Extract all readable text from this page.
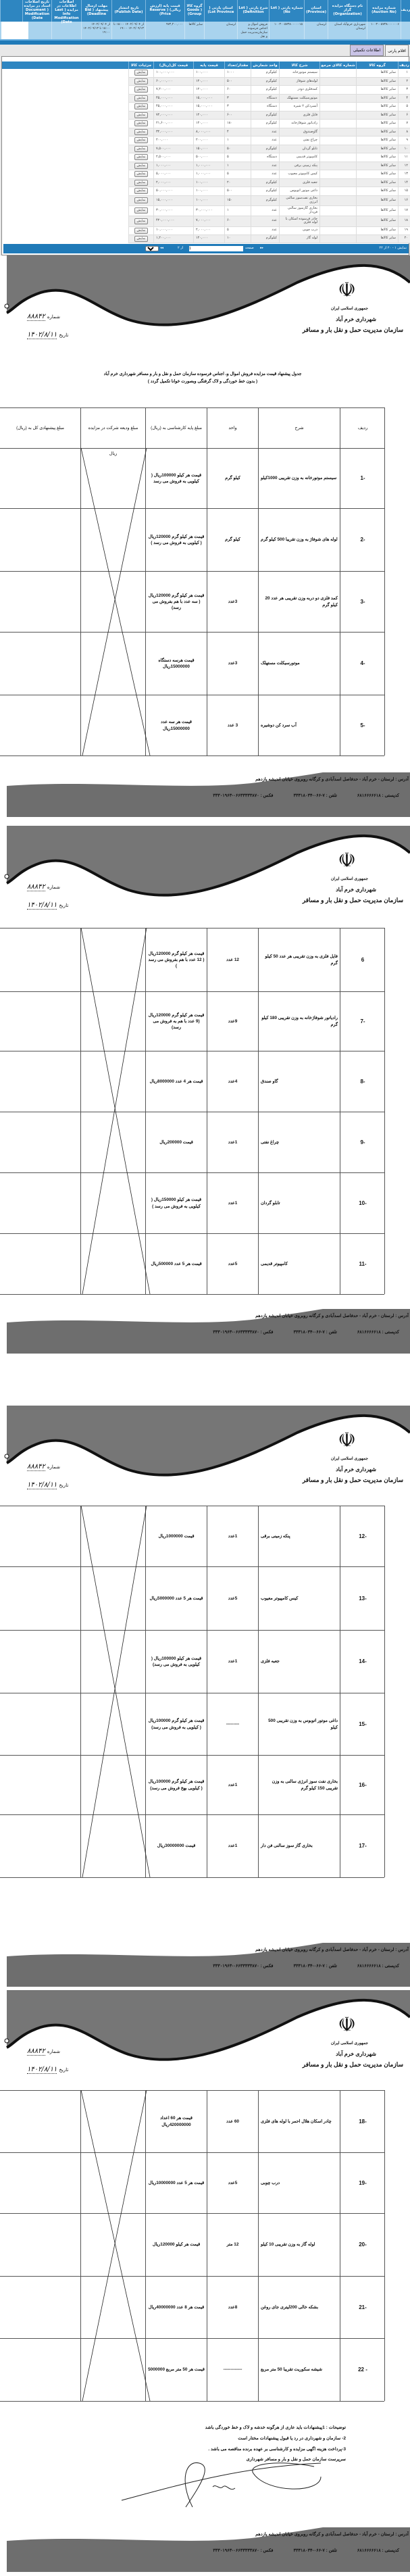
ردیف
شماره مزایده (Auction No)
۱۰۰۳۰۰۵۷۳۸۰۰۰۰۰۰۶
نام دستگاه مزایده گزار (Organization)
شهرداری خرم‌آباد استان لرستان
استان (Province)
لرستان
شماره پارتی ( Lot No)
۱۰۰۳۰۰۵۷۳۸۰۰۰۰۰۱۵
شرح پارتی ( Lot Definition)
فروش اموال و اجناس فرسوده سازمان‌مدیریت حمل و نقل
استان پارتی ( Lot Province)
لرستان
گروه کالا ( Goods Group)
سایر کالاها
قیمت پایه (ارزش ریالی) ( Reserve Price)
۹۷۳,۲۰۰,۰۰۰
تاریخ انتشار (Publish Date)
از ۱۴۰۲/۰۹/۰۴ ۱۵:۰۰ تا ۱۴۰۲/۰۹/۱۳ ۱۹:۰۰
مهلت ارسال پیشنهاد ( Bid Deadline)
از ۱۴۰۲/۰۹/۰۴ ۱۵:۰۰ تا ۱۴۰۲/۰۹/۱۳ ۱۹:۰۰
اصلاحات اطلاعات در مزایده ( Last Info Modification Date)
تاریخ اصلاحات اسناد در مزایده ( Document Modification Date)
اقلام پارتی
اطلاعات تکمیلی
ردیف
گروه کالا
شماره کالای مرجع
شرح کالا
واحد شمارش
مقدار/تعداد
قیمت پایه
قیمت کل(ریال)
جزئیات کالا
۱
سایر کالاها
سیستم موتورخانه
کیلوگرم
۱۰۰۰
۱۰۰,۰۰۰
۱۰۰,۰۰۰,۰۰۰
نمایش
۲
سایر کالاها
لوله‌های شوفاژ
کیلوگرم
۵۰۰
۱۲۰,۰۰۰
۶۰,۰۰۰,۰۰۰
نمایش
۳
سایر کالاها
کمدفلزی دودر
کیلوگرم
۶۰
۱۲۰,۰۰۰
۷,۲۰۰,۰۰۰
نمایش
۴
سایر کالاها
موتورسیکلت مستهلک
دستگاه
۳
۱۵,۰۰۰,۰۰۰
۴۵,۰۰۰,۰۰۰
نمایش
۵
سایر کالاها
آبسردکن ۲ شیره
دستگاه
۳
۱۵,۰۰۰,۰۰۰
۴۵,۰۰۰,۰۰۰
نمایش
۶
سایر کالاها
فایل فلزی
کیلوگرم
۶۰۰
۱۲۰,۰۰۰
۷۲,۰۰۰,۰۰۰
نمایش
۷
سایر کالاها
رادیاتور شوفاژخانه
کیلوگرم
۱۸۰
۱۲۰,۰۰۰
۲۱,۶۰۰,۰۰۰
نمایش
۸
سایر کالاها
گاوصندوق
عدد
۴
۸,۰۰۰,۰۰۰
۳۲,۰۰۰,۰۰۰
نمایش
۹
سایر کالاها
چراغ نفتی
عدد
۱
۲۰۰,۰۰۰
۲۰۰,۰۰۰
نمایش
۱۰
سایر کالاها
تابلو گردان
کیلوگرم
۵۰
۱۵۰,۰۰۰
۷,۵۰۰,۰۰۰
نمایش
۱۱
سایر کالاها
کامپیوتر قدیمی
دستگاه
۵
۵۰۰,۰۰۰
۲,۵۰۰,۰۰۰
نمایش
۱۲
سایر کالاها
پنکه زمینی برقی
عدد
۱
۱,۰۰۰,۰۰۰
۱,۰۰۰,۰۰۰
نمایش
۱۳
سایر کالاها
کیس کامپیوتر معیوب
عدد
۵
۱,۰۰۰,۰۰۰
۵,۰۰۰,۰۰۰
نمایش
۱۴
سایر کالاها
جعبه فلزی
کیلوگرم
۲۰
۱۰۰,۰۰۰
۲,۰۰۰,۰۰۰
نمایش
۱۵
سایر کالاها
داغی موتور اتوبوس
کیلوگرم
۵۰۰
۱۰۰,۰۰۰
۵۰,۰۰۰,۰۰۰
نمایش
۱۶
سایر کالاها
بخاری نفت‌سوز سالنی انرژی
کیلوگرم
۱۵۰
۱۰۰,۰۰۰
۱۵,۰۰۰,۰۰۰
نمایش
۱۷
سایر کالاها
بخاری گازسوز سالنی فن‌دار
عدد
۱
۳۰,۰۰۰,۰۰۰
۳۰,۰۰۰,۰۰۰
نمایش
۱۸
سایر کالاها
چادر فرسوده اسکان با لوله فلزی
عدد
۶۰
۷,۰۰۰,۰۰۰
۴۲۰,۰۰۰,۰۰۰
نمایش
۱۹
سایر کالاها
درب چوبی
عدد
۵
۲,۰۰۰,۰۰۰
۱۰,۰۰۰,۰۰۰
نمایش
۲۰
سایر کالاها
لوله گاز
کیلوگرم
۱۰
۱۲۰,۰۰۰
۱,۲۰۰,۰۰۰
نمایش
نمایش ۱ - ۲۰ از ۲۲
صفحه
1
از ۲
◂◂
20	▸▸
☫
جمهوری اسلامی ایران
شهرداری خرم آباد
سازمان مدیریت حمل و نقل بار و مسافر
شماره
۸۸۸۴۲
تاریخ
۱۴۰۲/۸/۱۱
جدول پیشنهاد قیمت مزایده فروش اموال و، اجناس فرسوده سازمان حمل و نقل و بار و مسافر شهرداری خرم آباد
( بدون خط خوردگی و لاک گرفتگی وبصورت خوانا تکمیل گردد )
ردیف
شرح
واحد
مبلغ پایه کارشناسی به (ریال)
مبلغ ودیعه شرکت در مزایده
مبلغ پیشنهادی کل به (ریال)
-1
سیستم موتورخانه به وزن تقریبی 1000کیلو
کیلو گرم
قیمت هر کیلو 100000ریال ( کیلویی به فروش می رسد
ریال
-2
لوله های شوفاژ به وزن تقریبا 500 کیلو گرم
کیلو گرم
قیمت هر کیلو گرم 120000ریال ( کیلویی به فروش می رسد )
-3
کمد فلزی دو دربه وزن تقریبی هر عدد 20 کیلو گرم
3عدد
قیمت هر کیلو گرم 120000ریال ( سه عدد با هم بفروش می رسد)
-4
موتورسیکلت مستهلک
3عدد
قیمت هرسه دستگاه 15000000ریال
-5
آب سرد کن دوشیره
3 عدد
قیمت هر سه عدد 15000000ریال
آدرس : لرستان - خرم آباد - حدفاصل اسدآبادی و کرگانه روبروی خیابان اندیشه یازدهم
کدپستی : ۶۸۱۶۶۶۶۶۱۸
تلفن : ۷-۰۶۶-۳۳۳۱۸۰۳۴
فکس : ۰۶۶۳۳۳۳۳۸۷۰-۳۳۳۰۱۹۶۳
☫
جمهوری اسلامی ایران
شهرداری خرم آباد
سازمان مدیریت حمل و نقل بار و مسافر
شماره
۸۸۸۴۲
تاریخ
۱۴۰۲/۸/۱۱
6
فایل فلزی به وزن تقریبی هر عدد 50 کیلو گرم
12 عدد
قیمت هر کیلو گرم 120000ریال ( 12 عدد با هم بفروش می رسد )
-7
رادیاتور شوفاژخانه به وزن تقریبی 180 کیلو گرم
9عدد
قیمت هر کیلو گرم 120000ریال (9 عدد با هم به فروش می رسد)
-8
گاو صندق
4عدد
قیمت هر 4 عدد 8000000ریال
-9
چراغ نفتی
1عدد
قیمت 200000ریال
-10
تابلو گردان
1عدد
قیمت هر کیلو 150000ریال ( کیلویی به فروش می رسد )
-11
کامپیوتر قدیمی
5عدد
قیمت هر 5 عدد 500000ریال
آدرس : لرستان - خرم آباد - حدفاصل اسدآبادی و کرگانه روبروی خیابان اندیشه یازدهم
کدپستی : ۶۸۱۶۶۶۶۶۱۸
تلفن : ۷-۰۶۶-۳۳۳۱۸۰۳۴
فکس : ۰۶۶۳۳۳۳۳۸۷۰-۳۳۳۰۱۹۶۳
☫
جمهوری اسلامی ایران
شهرداری خرم آباد
سازمان مدیریت حمل و نقل بار و مسافر
شماره
۸۸۸۴۲
تاریخ
۱۴۰۲/۸/۱۱
-12
پنکه زمینی برقی
1عدد
قیمت 1000000ریال
-13
کیس کامپیوتر معیوب
5عدد
قیمت هر 5 عدد 5000000ریال
-14
جعبه فلزی
1عدد
قیمت هر کیلو 100000ریال ( کیلویی به فروش می رسد)
-15
داغی موتور اتوبوس به وزن تقریبی 500 کیلو
---------
قیمت هر کیلو گرم 100000ریال ( کیلویی به فروش می رسد)
-16
بخاری نفت سوز انرژی سالنی به وزن تقریبی 150 کیلو گرم
1عدد
قیمت هر کیلو گرم 100000ریال ( کیلویی بهخ فروش می رسد)
-17
بخاری گاز سوز سالنی فن دار
1عدد
قیمت 30000000ریال
آدرس : لرستان - خرم آباد - حدفاصل اسدآبادی و کرگانه روبروی خیابان اندیشه یازدهم
کدپستی : ۶۸۱۶۶۶۶۶۱۸
تلفن : ۷-۰۶۶-۳۳۳۱۸۰۳۴
فکس : ۰۶۶۳۳۳۳۳۸۷۰-۳۳۳۰۱۹۶۳
☫
جمهوری اسلامی ایران
شهرداری خرم آباد
سازمان مدیریت حمل و نقل بار و مسافر
شماره
۸۸۸۴۲
تاریخ
۱۴۰۲/۸/۱۱
-18
چادر اسکان هلال احمر با لوله های فلزی
60 عدد
قیمت هر 60 اعداد 420000000ریال
-19
درب چوبی
5عدد
قیمت هر 5 عدد 10000000ریال
-20
لوله گاز به وزن تقریبی 10 کیلو
12 متر
قیمت هر کیلو 120000ریال
-21
بشکه خالی 200لیتری جای روغن
8عدد
قیمت هر 8 عدد 40000000ریال
- 22
شیشه سکوریت تقریبا 50 متر مربع
-------------
قیمت هر 50 متر مربع 5000000
توضیحات : 1پیشنهادات باید عاری از هرگونه خدشه و لاک و خط خوردگی باشد
2- سازمان و شهرداری در رد یا قبول پیشنهادات مختار است
3-پرداخت هزینه اگهی مزایده و کارشناسی بر عهده برنده مناقصه می باشد .
سرپرست سازمان حمل و نقل و بار و مسافر شهرداری
آدرس : لرستان - خرم آباد - حدفاصل اسدآبادی و کرگانه روبروی خیابان اندیشه یازدهم
کدپستی : ۶۸۱۶۶۶۶۶۱۸
تلفن : ۷-۰۶۶-۳۳۳۱۸۰۳۴
فکس : ۰۶۶۳۳۳۳۳۸۷۰-۳۳۳۰۱۹۶۳
